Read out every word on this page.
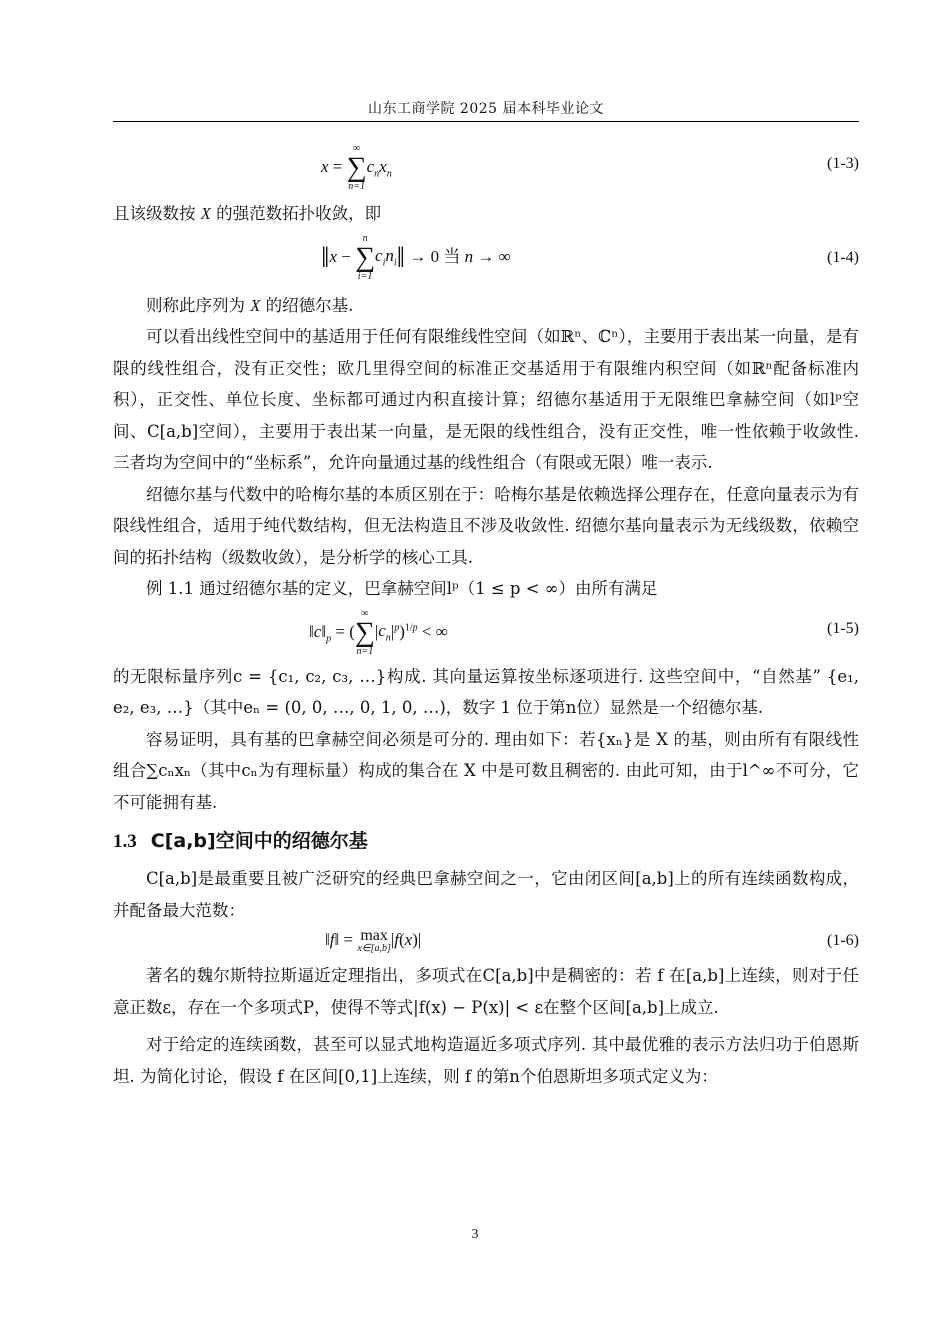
山东工商学院 2025 届本科毕业论文
x =
∞
∑
n=1
$c_nx_n$
(1-3)

且该级数按 X 的强范数拓扑收敛，即

‖x −
n
∑
i=1
$c_in_i‖ \to 0$ 当 n → ∞	(1-4)

则称此序列为 X 的绍德尔基.

可以看出线性空间中的基适用于任何有限维线性空间（如ℝⁿ、ℂⁿ），主要用于表出某一向量，是有限的线性组合，没有正交性；欧几里得空间的标准正交基适用于有限维内积空间（如ℝⁿ配备标准内积），正交性、单位长度、坐标都可通过内积直接计算；绍德尔基适用于无限维巴拿赫空间（如lᵖ空间、C[a,b]空间），主要用于表出某一向量，是无限的线性组合，没有正交性，唯一性依赖于收敛性. 三者均为空间中的“坐标系”，允许向量通过基的线性组合（有限或无限）唯一表示.

绍德尔基与代数中的哈梅尔基的本质区别在于：哈梅尔基是依赖选择公理存在，任意向量表示为有限线性组合，适用于纯代数结构，但无法构造且不涉及收敛性. 绍德尔基向量表示为无线级数，依赖空间的拓扑结构（级数收敛），是分析学的核心工具.

例 1.1 通过绍德尔基的定义，巴拿赫空间lᵖ（1 ≤ p < ∞）由所有满足

$‖c‖_p$ = (
∞
∑
n=1
$|c_n|^p)^{1/p}$ < ∞	(1-5)

的无限标量序列c = {c₁, c₂, c₃, …}构成. 其向量运算按坐标逐项进行. 这些空间中，“自然基” {e₁, e₂, e₃, …}（其中eₙ = (0, 0, …, 0, 1, 0, …)，数字 1 位于第n位）显然是一个绍德尔基.

容易证明，具有基的巴拿赫空间必须是可分的. 理由如下：若{xₙ}是 X 的基，则由所有有限线性组合∑cₙxₙ（其中cₙ为有理标量）构成的集合在 X 中是可数且稠密的. 由此可知，由于l^∞不可分，它不可能拥有基.

1.3 C[a,b]空间中的绍德尔基

C[a,b]是最重要且被广泛研究的经典巴拿赫空间之一，它由闭区间[a,b]上的所有连续函数构成，并配备最大范数：

‖f‖ = max
x∈[a,b] |f(x)|	(1-6)

著名的魏尔斯特拉斯逼近定理指出，多项式在C[a,b]中是稠密的：若 f 在[a,b]上连续，则对于任意正数ε，存在一个多项式P，使得不等式|f(x) − P(x)| < ε在整个区间[a,b]上成立.

对于给定的连续函数，甚至可以显式地构造逼近多项式序列. 其中最优雅的表示方法归功于伯恩斯坦. 为简化讨论，假设 f 在区间[0,1]上连续，则 f 的第n个伯恩斯坦多项式定义为：

3
